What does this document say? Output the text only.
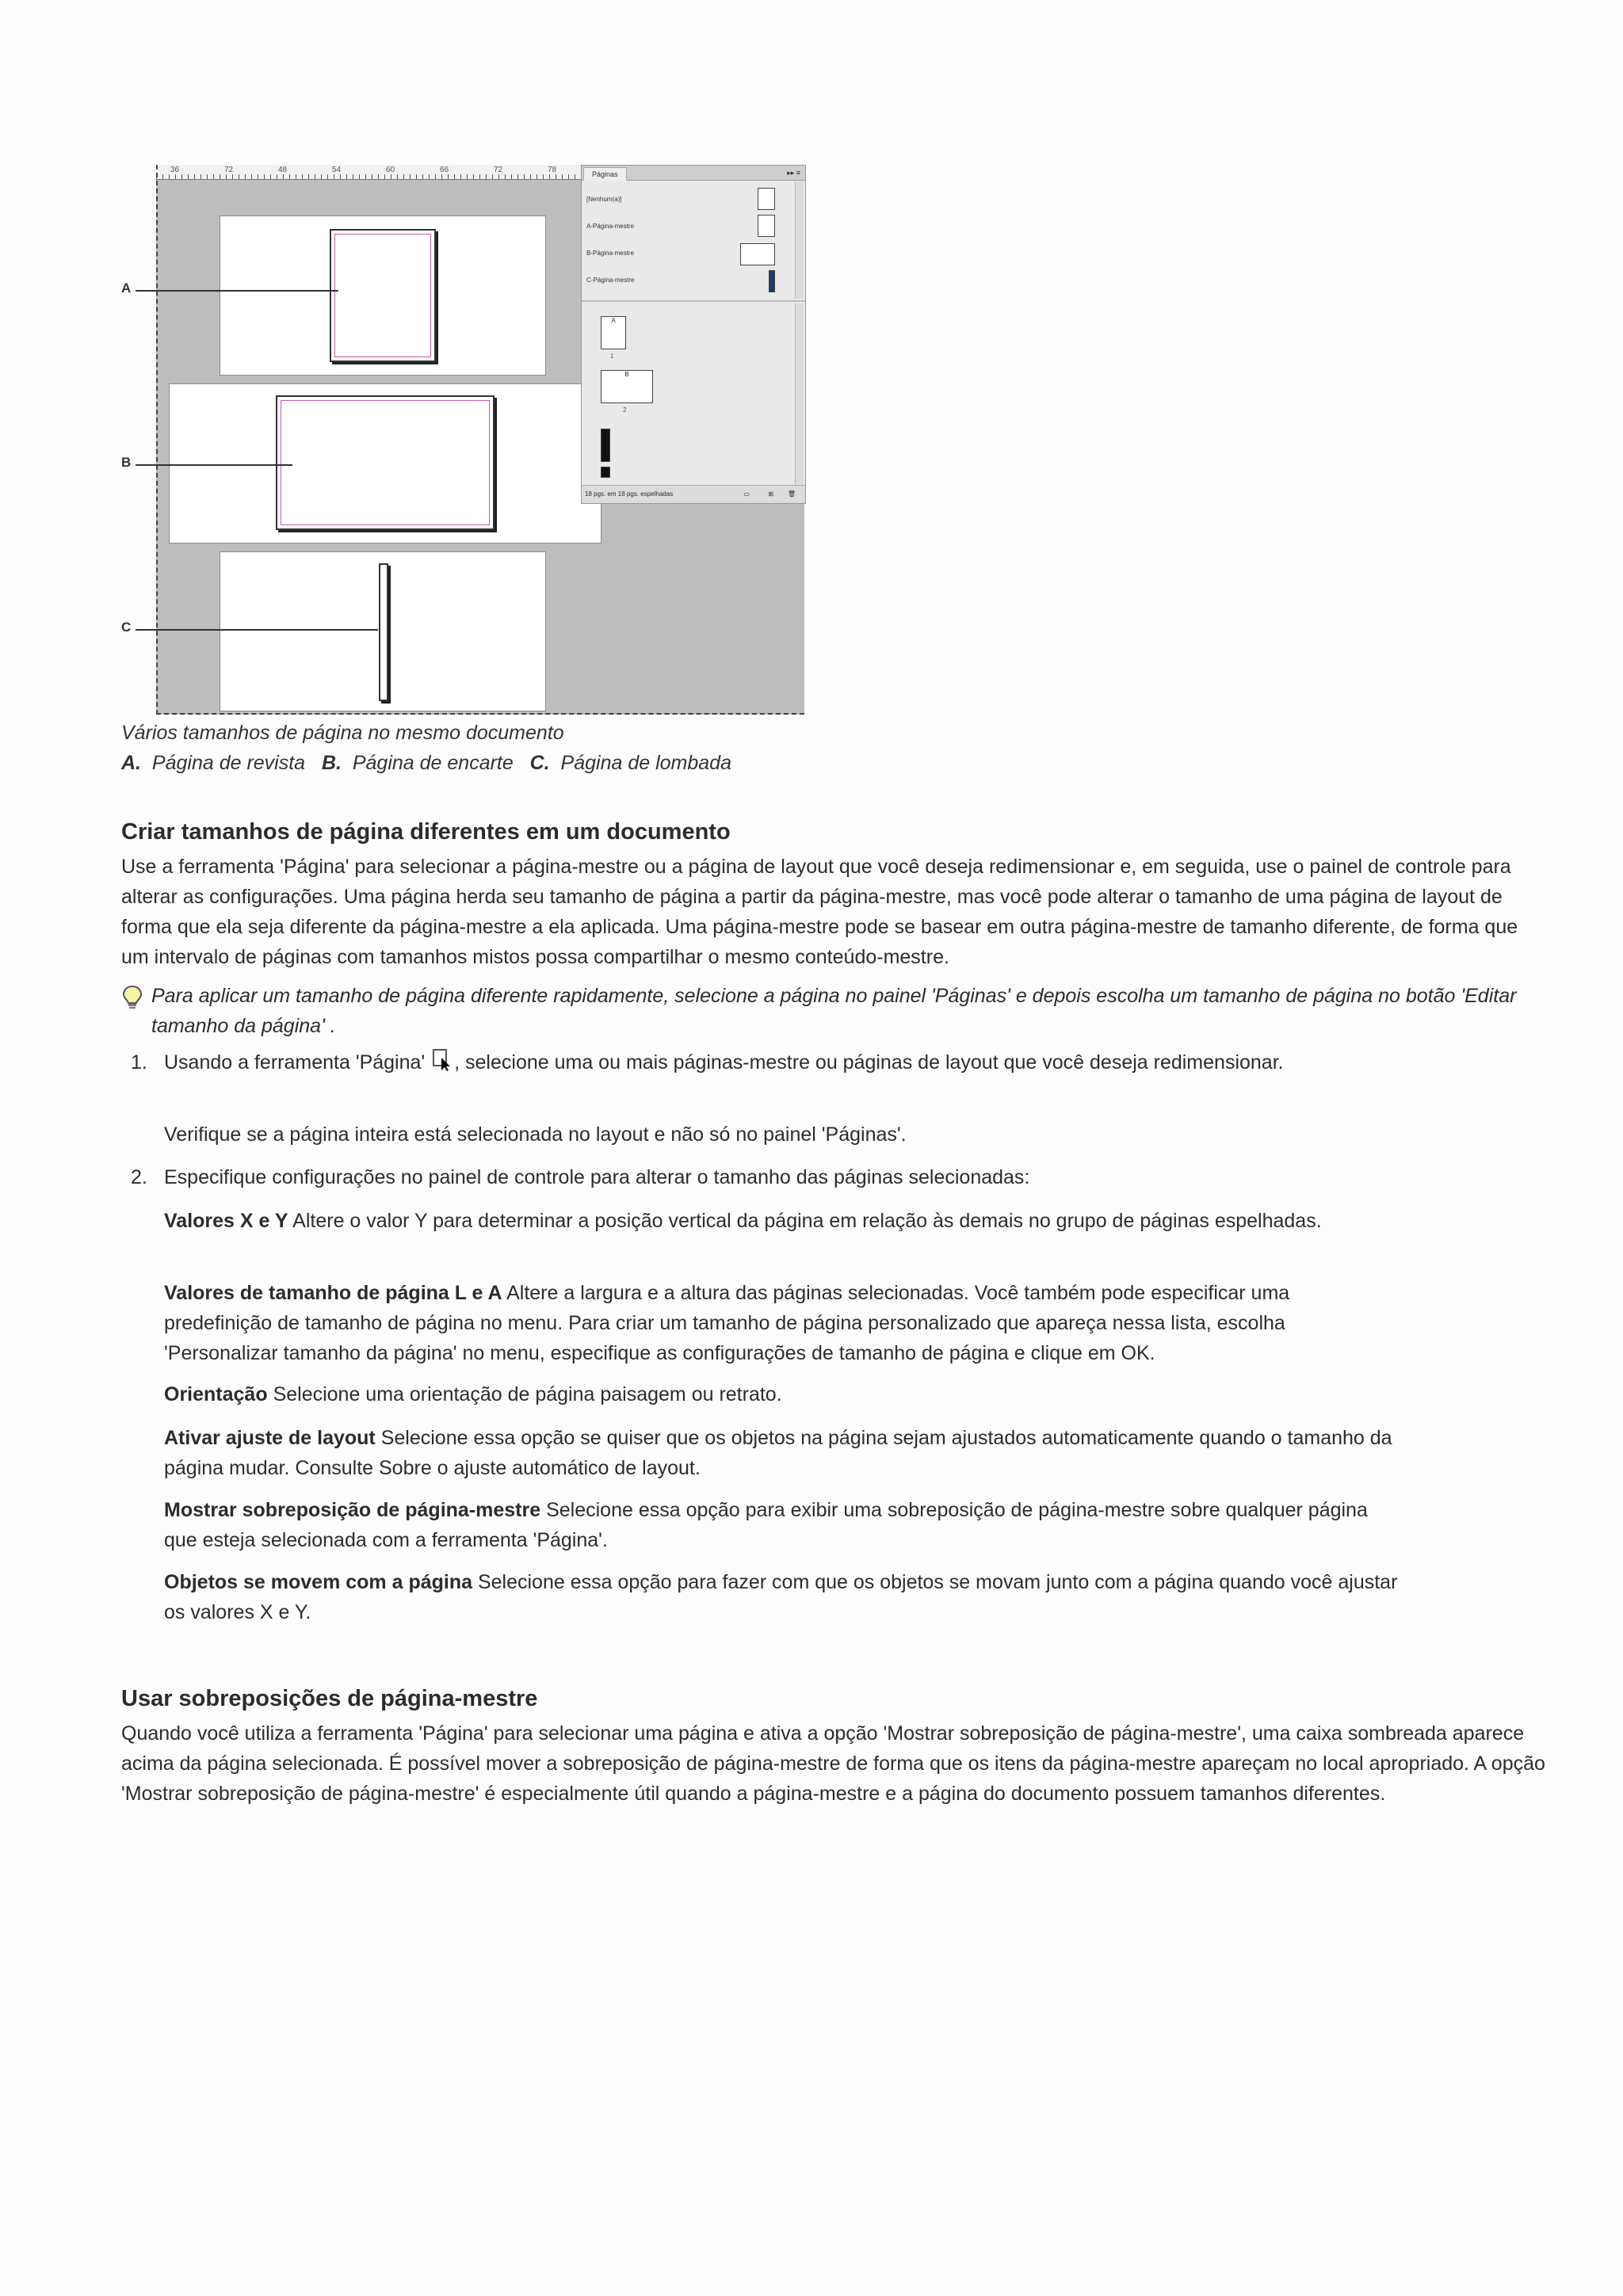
36	72	48	54	60	66	72	78
A
B
C
Páginas	▸▸ ≡
[Nenhum(a)]
A-Página-mestre
B-Página-mestre
C-Página-mestre
A
1
B
2
18 pgs. em 18 pgs. espelhadas	▭	⊞ 🗑
Vários tamanhos de página no mesmo documento
A. Página de revista B. Página de encarte C. Página de lombada
Criar tamanhos de página diferentes em um documento

Use a ferramenta 'Página' para selecionar a página-mestre ou a página de layout que você deseja redimensionar e, em seguida, use o painel de controle para alterar as configurações. Uma página herda seu tamanho de página a partir da página-mestre, mas você pode alterar o tamanho de uma página de layout de forma que ela seja diferente da página-mestre a ela aplicada. Uma página-mestre pode se basear em outra página-mestre de tamanho diferente, de forma que um intervalo de páginas com tamanhos mistos possa compartilhar o mesmo conteúdo-mestre.

Para aplicar um tamanho de página diferente rapidamente, selecione a página no painel 'Páginas' e depois escolha um tamanho de página no botão 'Editar tamanho da página' .
1. Usando a ferramenta 'Página' , selecione uma ou mais páginas-mestre ou páginas de layout que você deseja redimensionar.
Verifique se a página inteira está selecionada no layout e não só no painel 'Páginas'.
2. Especifique configurações no painel de controle para alterar o tamanho das páginas selecionadas:
Valores X e Y Altere o valor Y para determinar a posição vertical da página em relação às demais no grupo de páginas espelhadas.
Valores de tamanho de página L e A Altere a largura e a altura das páginas selecionadas. Você também pode especificar uma predefinição de tamanho de página no menu. Para criar um tamanho de página personalizado que apareça nessa lista, escolha 'Personalizar tamanho da página' no menu, especifique as configurações de tamanho de página e clique em OK.
Orientação Selecione uma orientação de página paisagem ou retrato.
Ativar ajuste de layout Selecione essa opção se quiser que os objetos na página sejam ajustados automaticamente quando o tamanho da página mudar. Consulte Sobre o ajuste automático de layout.
Mostrar sobreposição de página-mestre Selecione essa opção para exibir uma sobreposição de página-mestre sobre qualquer página que esteja selecionada com a ferramenta 'Página'.
Objetos se movem com a página Selecione essa opção para fazer com que os objetos se movam junto com a página quando você ajustar os valores X e Y.
Usar sobreposições de página-mestre

Quando você utiliza a ferramenta 'Página' para selecionar uma página e ativa a opção 'Mostrar sobreposição de página-mestre', uma caixa sombreada aparece acima da página selecionada. É possível mover a sobreposição de página-mestre de forma que os itens da página-mestre apareçam no local apropriado. A opção 'Mostrar sobreposição de página-mestre' é especialmente útil quando a página-mestre e a página do documento possuem tamanhos diferentes.
